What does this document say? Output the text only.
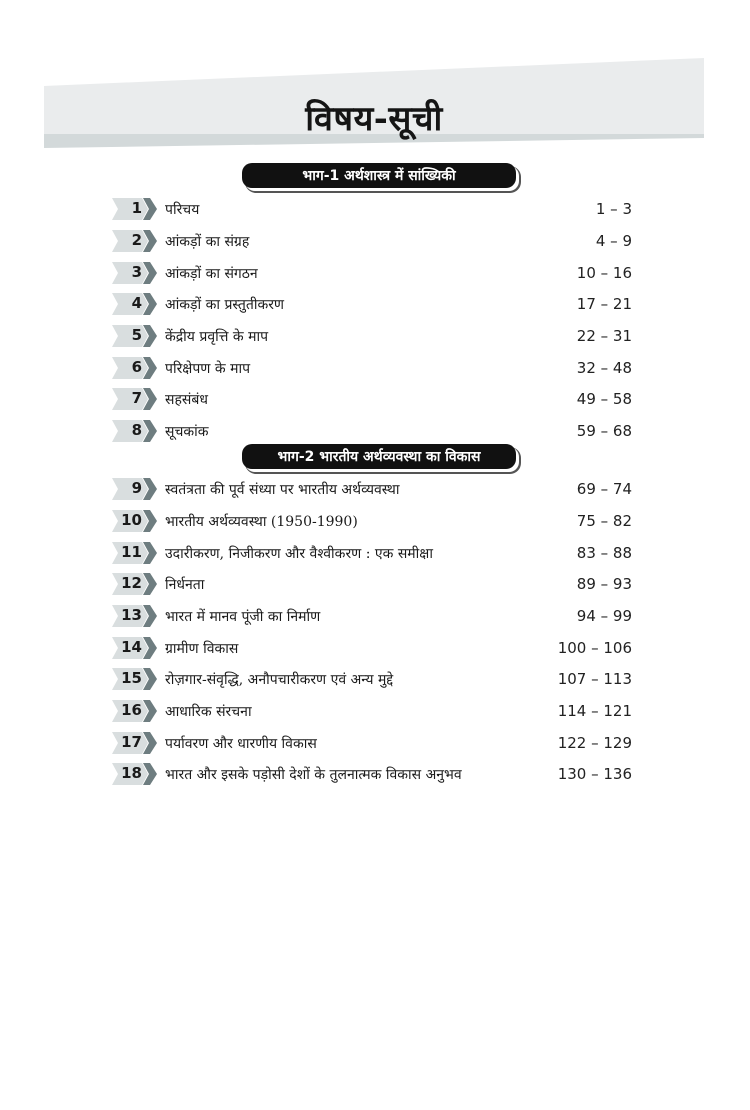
विषय-सूची
भाग-1 अर्थशास्त्र में सांख्यिकी
1 परिचय	1 – 3
2 आंकड़ों का संग्रह	4 – 9
3 आंकड़ों का संगठन	10 – 16
4 आंकड़ों का प्रस्तुतीकरण	17 – 21
5 केंद्रीय प्रवृत्ति के माप	22 – 31
6 परिक्षेपण के माप	32 – 48
7 सहसंबंध	49 – 58
8 सूचकांक	59 – 68
भाग-2 भारतीय अर्थव्यवस्था का विकास
9 स्वतंत्रता की पूर्व संध्या पर भारतीय अर्थव्यवस्था	69 – 74
10 भारतीय अर्थव्यवस्था (1950-1990)	75 – 82
11 उदारीकरण, निजीकरण और वैश्वीकरण : एक समीक्षा	83 – 88
12 निर्धनता	89 – 93
13 भारत में मानव पूंजी का निर्माण	94 – 99
14 ग्रामीण विकास	100 – 106
15 रोज़गार-संवृद्धि, अनौपचारीकरण एवं अन्य मुद्दे	107 – 113
16 आधारिक संरचना	114 – 121
17 पर्यावरण और धारणीय विकास	122 – 129
18 भारत और इसके पड़ोसी देशों के तुलनात्मक विकास अनुभव	130 – 136
